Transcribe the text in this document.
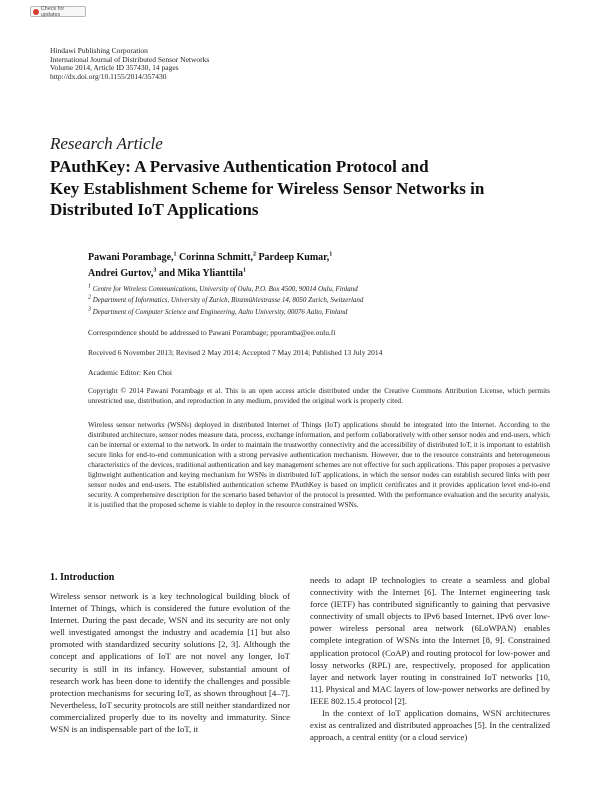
Check for updates
Hindawi Publishing Corporation
International Journal of Distributed Sensor Networks
Volume 2014, Article ID 357430, 14 pages
http://dx.doi.org/10.1155/2014/357430
Research Article
PAuthKey: A Pervasive Authentication Protocol and
Key Establishment Scheme for Wireless Sensor Networks in
Distributed IoT Applications
Pawani Porambage,$^1$ Corinna Schmitt,$^2$ Pardeep Kumar,$^1$
Andrei Gurtov,$^3$ and Mika Ylianttila$^1$
$^1$ Centre for Wireless Communications, University of Oulu, P.O. Box 4500, 90014 Oulu, Finland
$^2$ Department of Informatics, University of Zurich, Binzmühlestrasse 14, 8050 Zurich, Switzerland
$^3$ Department of Computer Science and Engineering, Aalto University, 00076 Aalto, Finland
Correspondence should be addressed to Pawani Porambage; pporamba@ee.oulu.fi
Received 6 November 2013; Revised 2 May 2014; Accepted 7 May 2014; Published 13 July 2014
Academic Editor: Ken Choi

Copyright © 2014 Pawani Porambage et al. This is an open access article distributed under the Creative Commons Attribution License, which permits unrestricted use, distribution, and reproduction in any medium, provided the original work is properly cited.

Wireless sensor networks (WSNs) deployed in distributed Internet of Things (IoT) applications should be integrated into the Internet. According to the distributed architecture, sensor nodes measure data, process, exchange information, and perform collaboratively with other sensor nodes and end-users, which can be internal or external to the network. In order to maintain the trustworthy connectivity and the accessibility of distributed IoT, it is important to establish secure links for end-to-end communication with a strong pervasive authentication mechanism. However, due to the resource constraints and heterogeneous characteristics of the devices, traditional authentication and key management schemes are not effective for such applications. This paper proposes a pervasive lightweight authentication and keying mechanism for WSNs in distributed IoT applications, in which the sensor nodes can establish secured links with peer sensor nodes and end-users. The established authentication scheme PAuthKey is based on implicit certificates and it provides application level end-to-end security. A comprehensive description for the scenario based behavior of the protocol is presented. With the performance evaluation and the security analysis, it is justified that the proposed scheme is viable to deploy in the resource constrained WSNs.

1. Introduction

Wireless sensor network is a key technological building block of Internet of Things, which is considered the future evolution of the Internet. During the past decade, WSN and its security are not only well investigated amongst the industry and academia [1] but also promoted with standardized security solutions [2, 3]. Although the concept and applications of IoT are not novel any longer, IoT security is still in its infancy. However, substantial amount of research work has been done to identify the challenges and possible protection mechanisms for securing IoT, as shown throughout [4–7]. Nevertheless, IoT security protocols are still neither standardized nor commercialized properly due to its novelty and immaturity. Since WSN is an indispensable part of the IoT, it

needs to adapt IP technologies to create a seamless and global connectivity with the Internet [6]. The Internet engineering task force (IETF) has contributed significantly to gaining that pervasive connectivity of small objects to IPv6 based Internet. IPv6 over low-power wireless personal area network (6LoWPAN) enables complete integration of WSNs into the Internet [8, 9]. Constrained application protocol (CoAP) and routing protocol for low-power and lossy networks (RPL) are, respectively, proposed for application layer and network layer routing in constrained IoT networks [10, 11]. Physical and MAC layers of low-power networks are defined by IEEE 802.15.4 protocol [2].

In the context of IoT application domains, WSN architectures exist as centralized and distributed approaches [5]. In the centralized approach, a central entity (or a cloud service)
